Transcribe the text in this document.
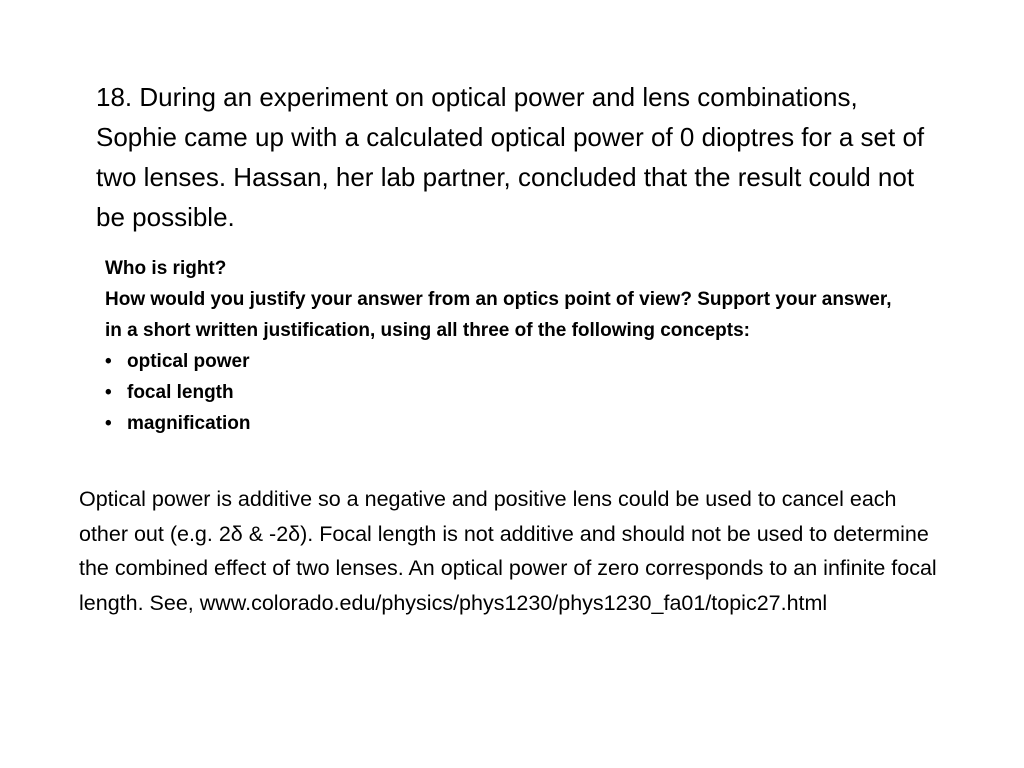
18. During an experiment on optical power and lens combinations, Sophie came up with a calculated optical power of 0 dioptres for a set of two lenses. Hassan, her lab partner, concluded that the result could not be possible.

Who is right?

How would you justify your answer from an optics point of view? Support your answer, in a short written justification, using all three of the following concepts:

• optical power
• focal length
• magnification

Optical power is additive so a negative and positive lens could be used to cancel each other out (e.g. 2δ & -2δ). Focal length is not additive and should not be used to determine the combined effect of two lenses. An optical power of zero corresponds to an infinite focal length. See, www.colorado.edu/physics/phys1230/phys1230_fa01/topic27.html
